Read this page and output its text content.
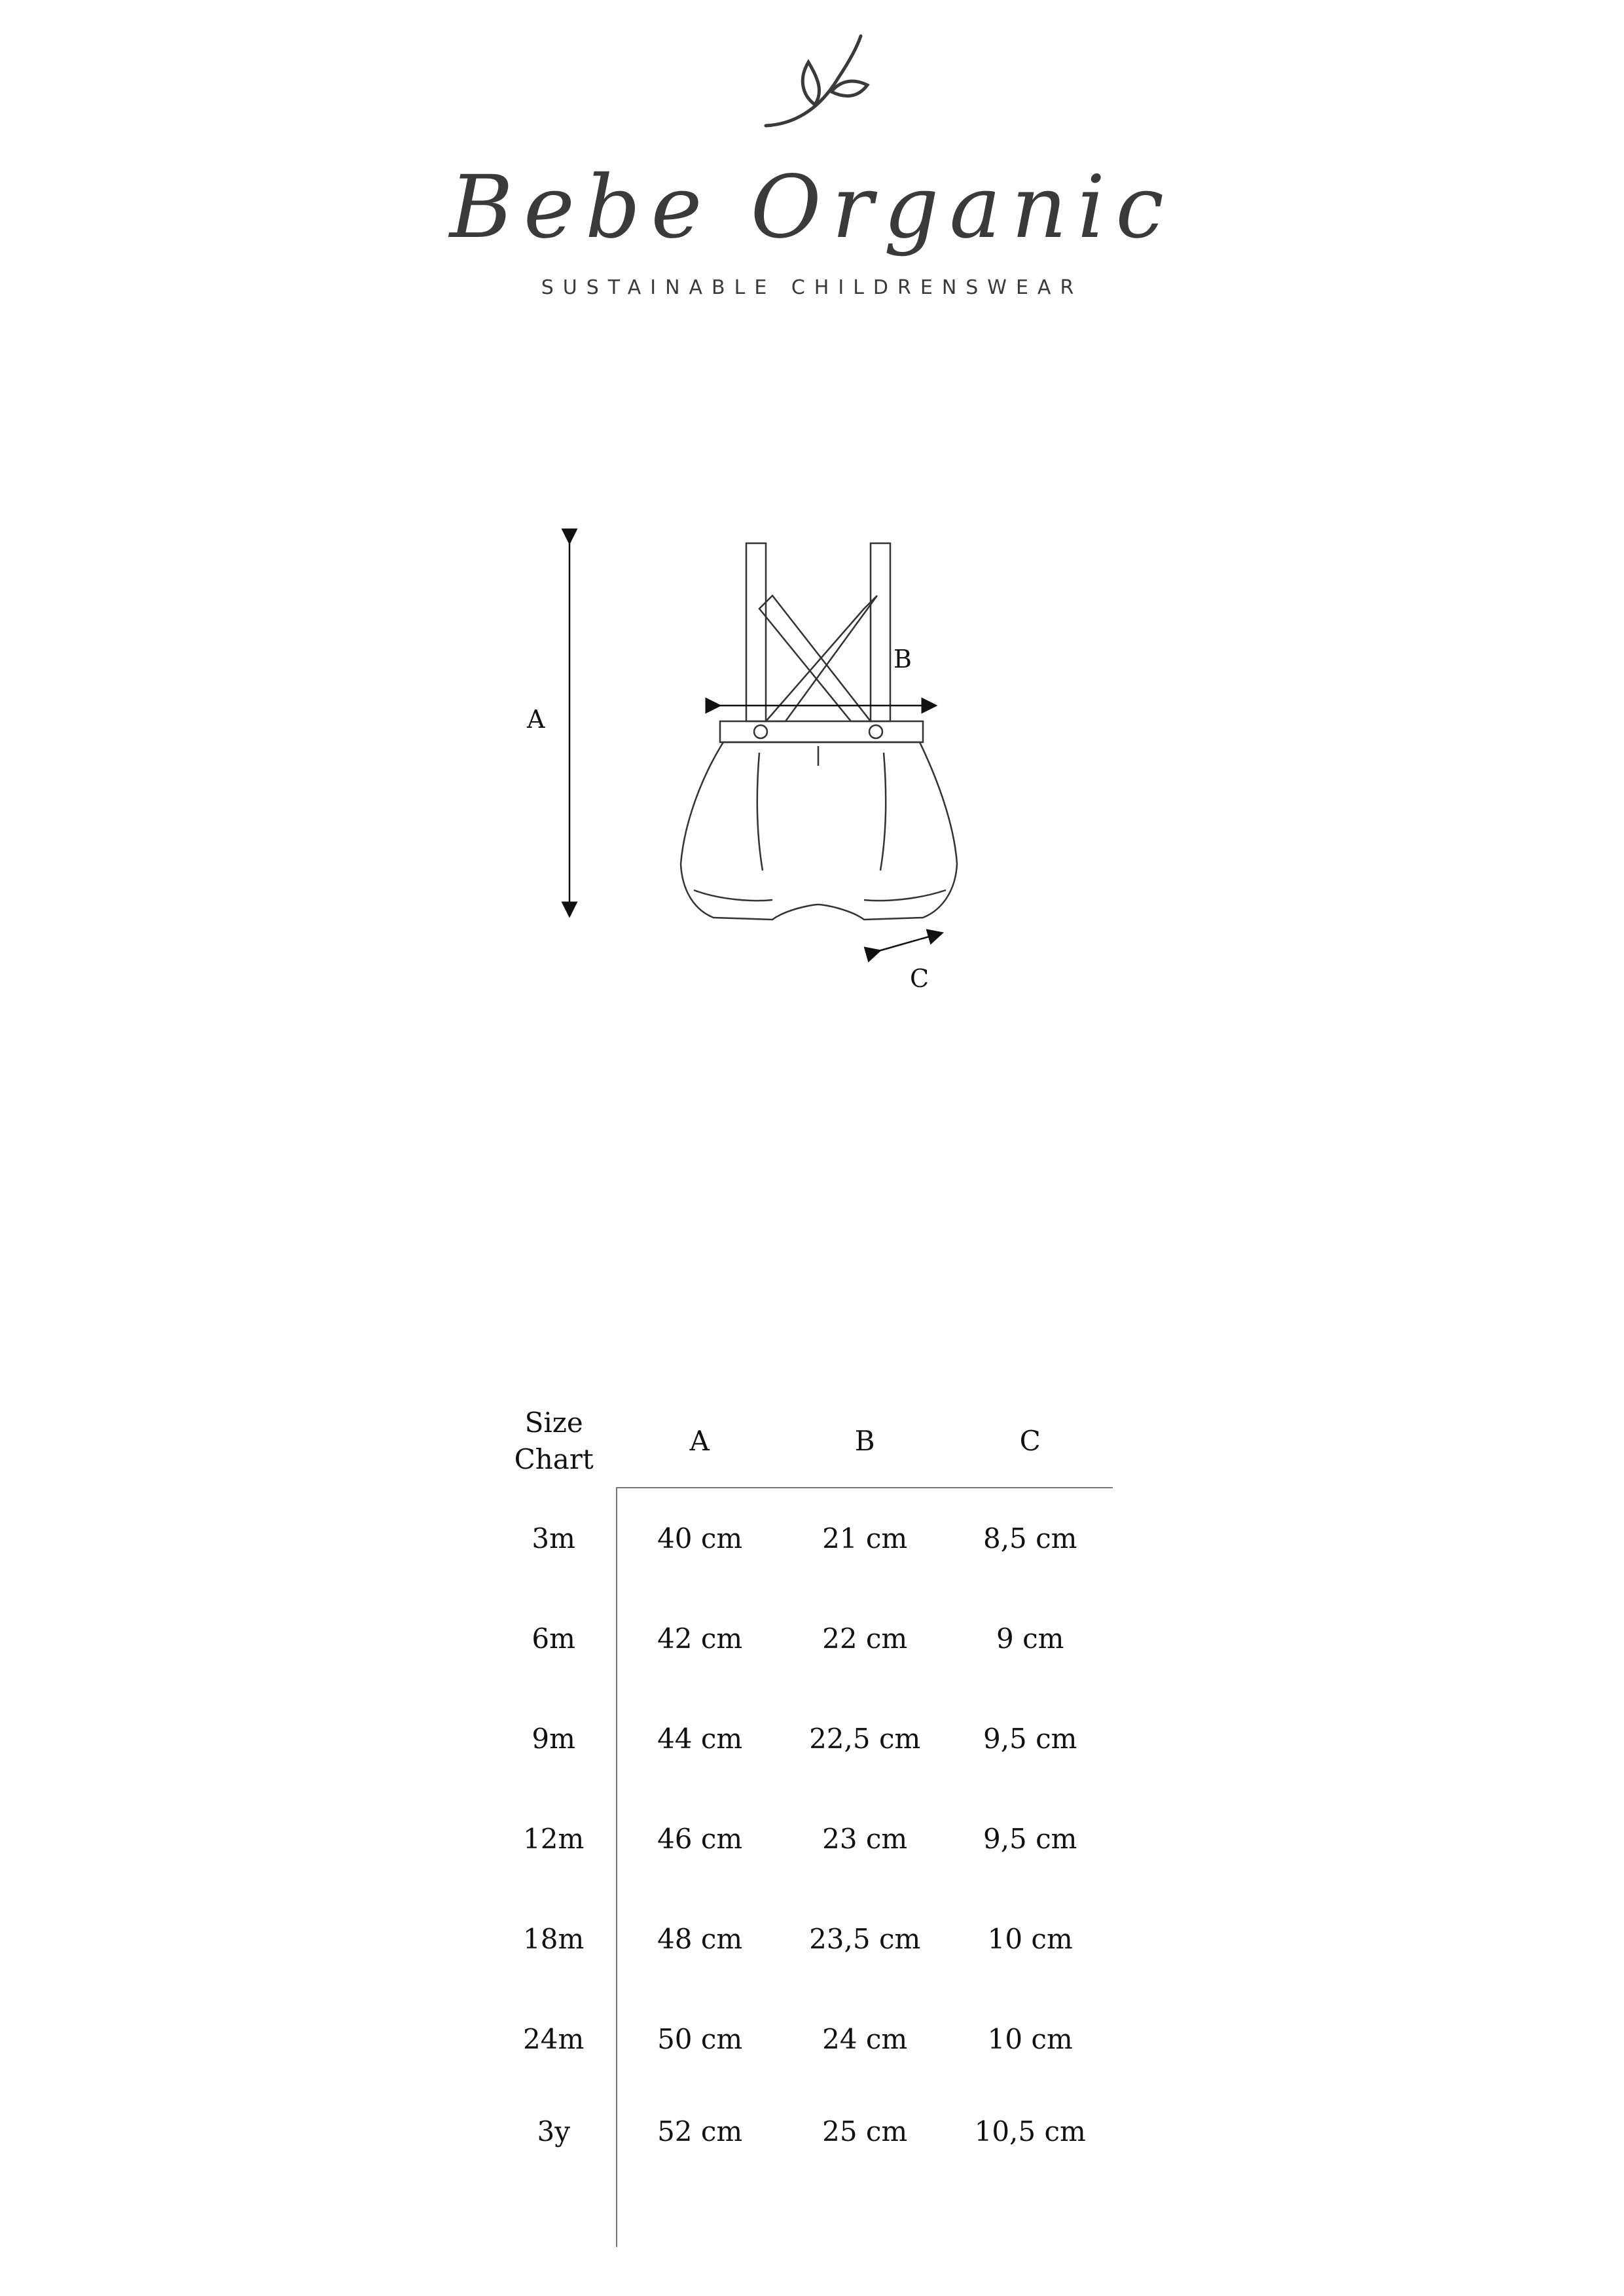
Bebe Organic
SUSTAINABLE CHILDRENSWEAR
A
B
C
Size
Chart	A	B	C
3m	40 cm	21 cm	8,5 cm
6m	42 cm	22 cm	9 cm
9m	44 cm	22,5 cm	9,5 cm
12m	46 cm	23 cm	9,5 cm
18m	48 cm	23,5 cm	10 cm
24m	50 cm	24 cm	10 cm
3y	52 cm	25 cm	10,5 cm
